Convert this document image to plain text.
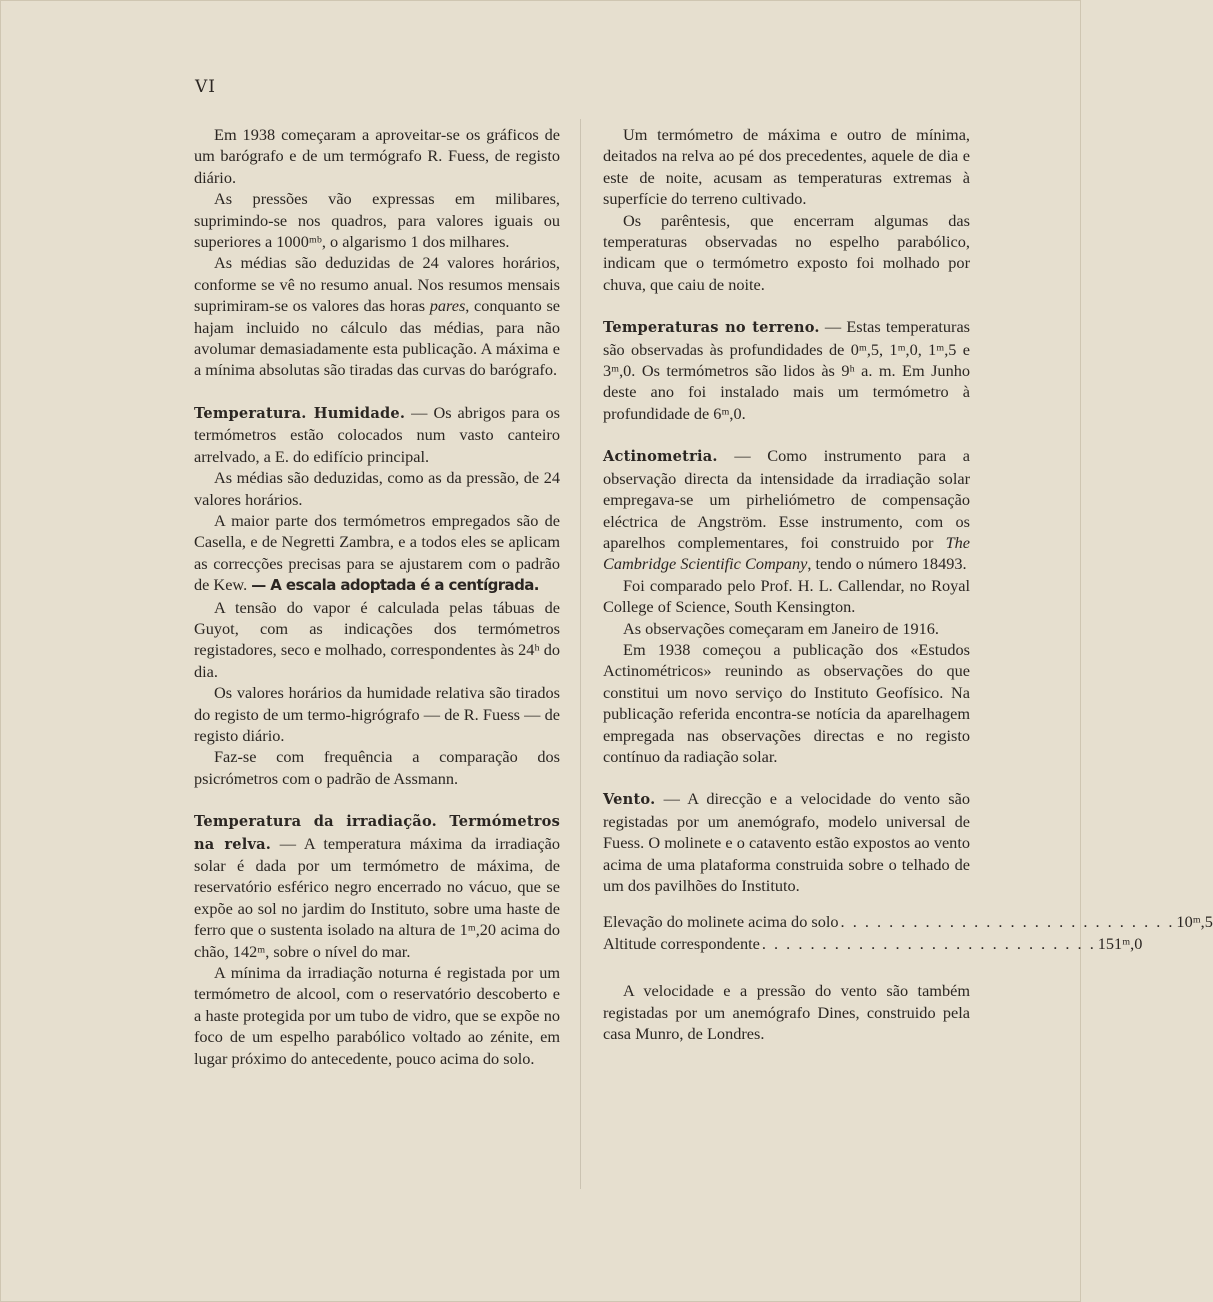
VI

Em 1938 começaram a aproveitar-se os gráficos de um barógrafo e de um termógrafo R. Fuess, de registo diário.

As pressões vão expressas em milibares, suprimindo-se nos quadros, para valores iguais ou superiores a 1000ᵐᵇ, o algarismo 1 dos milhares.

As médias são deduzidas de 24 valores horários, conforme se vê no resumo anual. Nos resumos mensais suprimiram-se os valores das horas pares, conquanto se hajam incluido no cálculo das médias, para não avolumar demasiadamente esta publicação. A máxima e a mínima absolutas são tiradas das curvas do barógrafo.

Temperatura. Humidade. — Os abrigos para os termómetros estão colocados num vasto canteiro arrelvado, a E. do edifício principal.

As médias são deduzidas, como as da pressão, de 24 valores horários.

A maior parte dos termómetros empregados são de Casella, e de Negretti Zambra, e a todos eles se aplicam as correcções precisas para se ajustarem com o padrão de Kew. — A escala adoptada é a centígrada.

A tensão do vapor é calculada pelas tábuas de Guyot, com as indicações dos termómetros registadores, seco e molhado, correspondentes às 24ʰ do dia.

Os valores horários da humidade relativa são tirados do registo de um termo-higrógrafo — de R. Fuess — de registo diário.

Faz-se com frequência a comparação dos psicrómetros com o padrão de Assmann.

Temperatura da irradiação. Termómetros na relva. — A temperatura máxima da irradiação solar é dada por um termómetro de máxima, de reservatório esférico negro encerrado no vácuo, que se expõe ao sol no jardim do Instituto, sobre uma haste de ferro que o sustenta isolado na altura de 1ᵐ,20 acima do chão, 142ᵐ, sobre o nível do mar.

A mínima da irradiação noturna é registada por um termómetro de alcool, com o reservatório descoberto e a haste protegida por um tubo de vidro, que se expõe no foco de um espelho parabólico voltado ao zénite, em lugar próximo do antecedente, pouco acima do solo.

Um termómetro de máxima e outro de mínima, deitados na relva ao pé dos precedentes, aquele de dia e este de noite, acusam as temperaturas extremas à superfície do terreno cultivado.

Os parêntesis, que encerram algumas das temperaturas observadas no espelho parabólico, indicam que o termómetro exposto foi molhado por chuva, que caiu de noite.

Temperaturas no terreno. — Estas temperaturas são observadas às profundidades de 0ᵐ,5, 1ᵐ,0, 1ᵐ,5 e 3ᵐ,0. Os termómetros são lidos às 9ʰ a. m. Em Junho deste ano foi instalado mais um termómetro à profundidade de 6ᵐ,0.

Actinometria. — Como instrumento para a observação directa da intensidade da irradiação solar empregava-se um pirheliómetro de compensação eléctrica de Angström. Esse instrumento, com os aparelhos complementares, foi construido por The Cambridge Scientific Company, tendo o número 18493.

Foi comparado pelo Prof. H. L. Callendar, no Royal College of Science, South Kensington.

As observações começaram em Janeiro de 1916.

Em 1938 começou a publicação dos «Estudos Actinométricos» reunindo as observações do que constitui um novo serviço do Instituto Geofísico. Na publicação referida encontra-se notícia da aparelhagem empregada nas observações directas e no registo contínuo da radiação solar.

Vento. — A direcção e a velocidade do vento são registadas por um anemógrafo, modelo universal de Fuess. O molinete e o catavento estão expostos ao vento acima de uma plataforma construida sobre o telhado de um dos pavilhões do Instituto.

Elevação do molinete acima do solo . . . . . . . . . . . . . . . . . . . . . . . . . . . . 10ᵐ,5
Altitude correspondente . . . . . . . . . . . . . . . . . . . . . . . . . . . . 151ᵐ,0

A velocidade e a pressão do vento são também registadas por um anemógrafo Dines, construido pela casa Munro, de Londres.
